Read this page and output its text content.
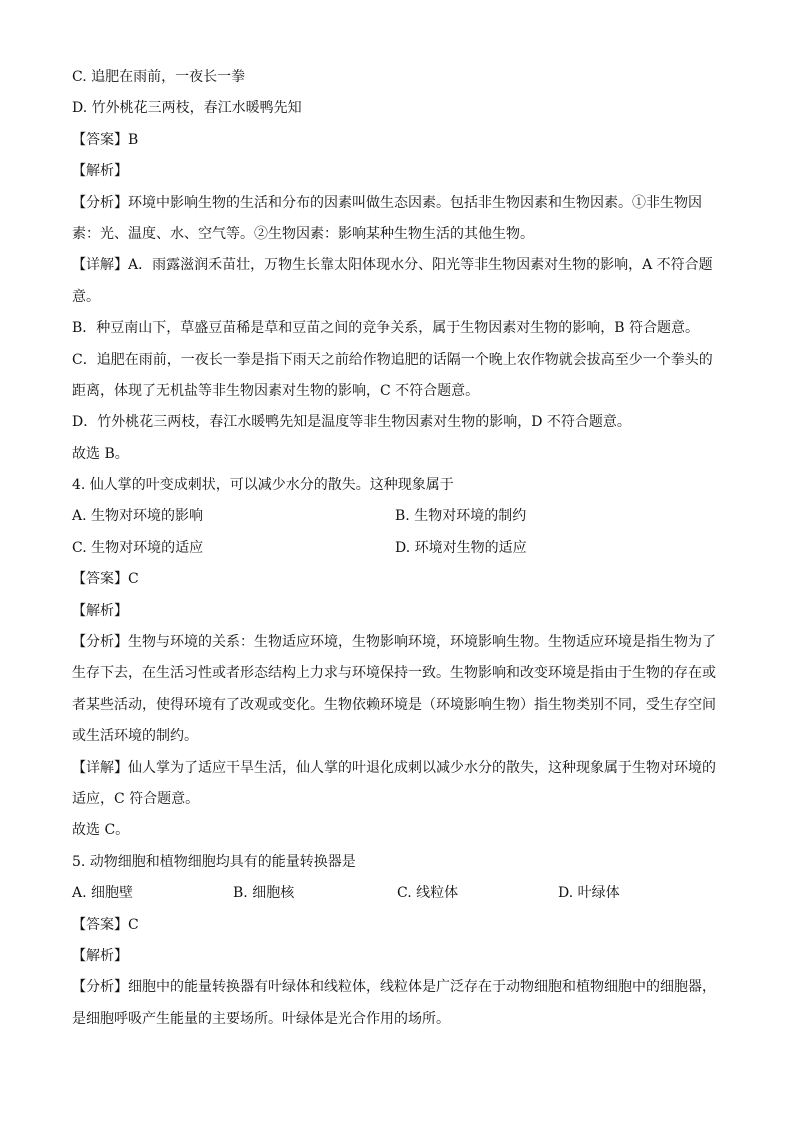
C. 追肥在雨前，一夜长一拳
D. 竹外桃花三两枝，春江水暖鸭先知
【答案】B
【解析】
【分析】环境中影响生物的生活和分布的因素叫做生态因素。包括非生物因素和生物因素。①非生物因
素：光、温度、水、空气等。②生物因素：影响某种生物生活的其他生物。
【详解】A．雨露滋润禾苗壮，万物生长靠太阳体现水分、阳光等非生物因素对生物的影响，A 不符合题
意。
B．种豆南山下，草盛豆苗稀是草和豆苗之间的竞争关系，属于生物因素对生物的影响，B 符合题意。
C．追肥在雨前，一夜长一拳是指下雨天之前给作物追肥的话隔一个晚上农作物就会拔高至少一个拳头的
距离，体现了无机盐等非生物因素对生物的影响，C 不符合题意。
D．竹外桃花三两枝，春江水暖鸭先知是温度等非生物因素对生物的影响，D 不符合题意。
故选 B。
4. 仙人掌的叶变成刺状，可以减少水分的散失。这种现象属于
A. 生物对环境的影响	B. 生物对环境的制约
C. 生物对环境的适应	D. 环境对生物的适应
【答案】C
【解析】
【分析】生物与环境的关系：生物适应环境，生物影响环境，环境影响生物。生物适应环境是指生物为了
生存下去，在生活习性或者形态结构上力求与环境保持一致。生物影响和改变环境是指由于生物的存在或
者某些活动，使得环境有了改观或变化。生物依赖环境是（环境影响生物）指生物类别不同，受生存空间
或生活环境的制约。
【详解】仙人掌为了适应干旱生活，仙人掌的叶退化成刺以减少水分的散失，这种现象属于生物对环境的
适应，C 符合题意。
故选 C。
5. 动物细胞和植物细胞均具有的能量转换器是
A. 细胞壁	B. 细胞核	C. 线粒体	D. 叶绿体
【答案】C
【解析】
【分析】细胞中的能量转换器有叶绿体和线粒体，线粒体是广泛存在于动物细胞和植物细胞中的细胞器，
是细胞呼吸产生能量的主要场所。叶绿体是光合作用的场所。
